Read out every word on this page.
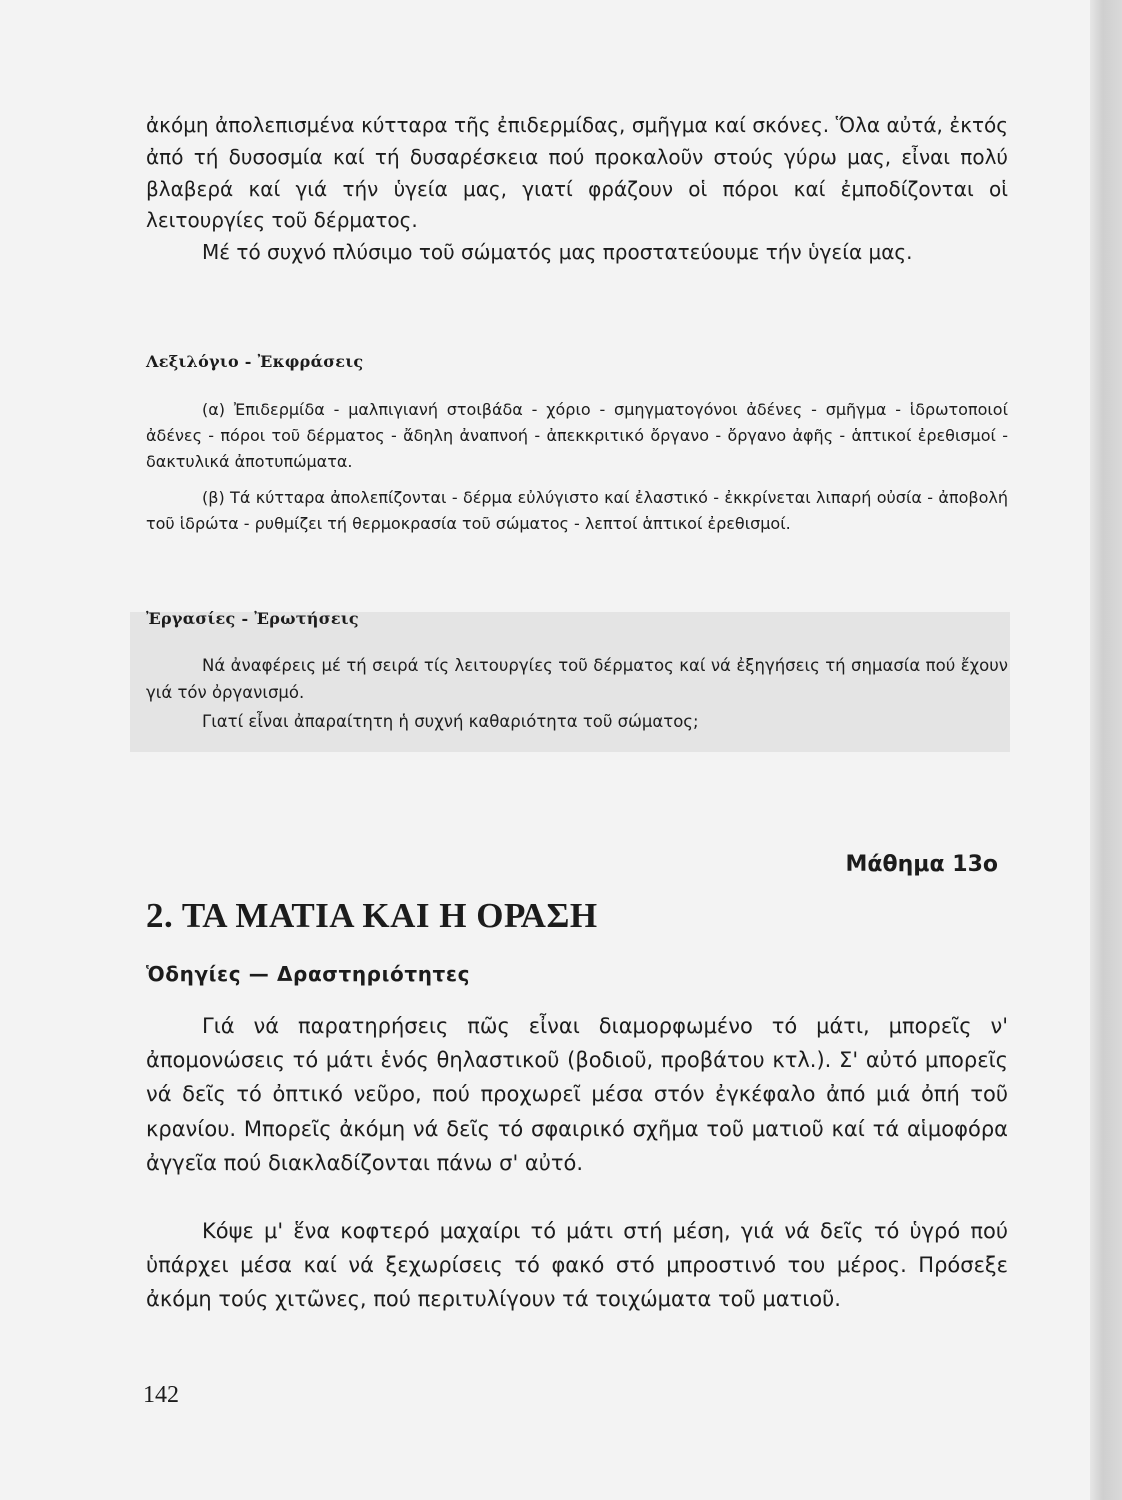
ἀκόμη ἀπολεπισμένα κύτταρα τῆς ἐπιδερμίδας, σμῆγμα καί σκόνες. Ὅλα αὐτά, ἐκτός ἀπό τή δυσοσμία καί τή δυσαρέσκεια πού προκαλοῦν στούς γύρω μας, εἶναι πολύ βλαβερά καί γιά τήν ὑγεία μας, γιατί φράζουν οἱ πόροι καί ἐμποδίζονται οἱ λειτουργίες τοῦ δέρματος.

Μέ τό συχνό πλύσιμο τοῦ σώματός μας προστατεύουμε τήν ὑγεία μας.

Λεξιλόγιο - Ἐκφράσεις

(α) Ἐπιδερμίδα - μαλπιγιανή στοιβάδα - χόριο - σμηγματογόνοι ἀδένες - σμῆγμα - ἱδρωτοποιοί ἀδένες - πόροι τοῦ δέρματος - ἄδηλη ἀναπνοή - ἀπεκκριτικό ὄργανο - ὄργανο ἀφῆς - ἁπτικοί ἐρεθισμοί - δακτυλικά ἀποτυπώματα.

(β) Τά κύτταρα ἀπολεπίζονται - δέρμα εὐλύγιστο καί ἐλαστικό - ἐκκρίνεται λιπαρή οὐσία - ἀποβολή τοῦ ἱδρώτα - ρυθμίζει τή θερμοκρασία τοῦ σώματος - λεπτοί ἁπτικοί ἐρεθισμοί.

Ἐργασίες - Ἐρωτήσεις

Νά ἀναφέρεις μέ τή σειρά τίς λειτουργίες τοῦ δέρματος καί νά ἐξηγήσεις τή σημασία πού ἔχουν γιά τόν ὀργανισμό.

Γιατί εἶναι ἀπαραίτητη ἡ συχνή καθαριότητα τοῦ σώματος;

Μάθημα 13ο
2. ΤΑ ΜΑΤΙΑ ΚΑΙ Η ΟΡΑΣΗ
Ὁδηγίες — Δραστηριότητες

Γιά νά παρατηρήσεις πῶς εἶναι διαμορφωμένο τό μάτι, μπορεῖς ν' ἀπομονώσεις τό μάτι ἑνός θηλαστικοῦ (βοδιοῦ, προβάτου κτλ.). Σ' αὐτό μπορεῖς νά δεῖς τό ὀπτικό νεῦρο, πού προχωρεῖ μέσα στόν ἐγκέφαλο ἀπό μιά ὀπή τοῦ κρανίου. Μπορεῖς ἀκόμη νά δεῖς τό σφαιρικό σχῆμα τοῦ ματιοῦ καί τά αἱμοφόρα ἀγγεῖα πού διακλαδίζονται πάνω σ' αὐτό.

Κόψε μ' ἕνα κοφτερό μαχαίρι τό μάτι στή μέση, γιά νά δεῖς τό ὑγρό πού ὑπάρχει μέσα καί νά ξεχωρίσεις τό φακό στό μπροστινό του μέρος. Πρόσεξε ἀκόμη τούς χιτῶνες, πού περιτυλίγουν τά τοιχώματα τοῦ ματιοῦ.

142
